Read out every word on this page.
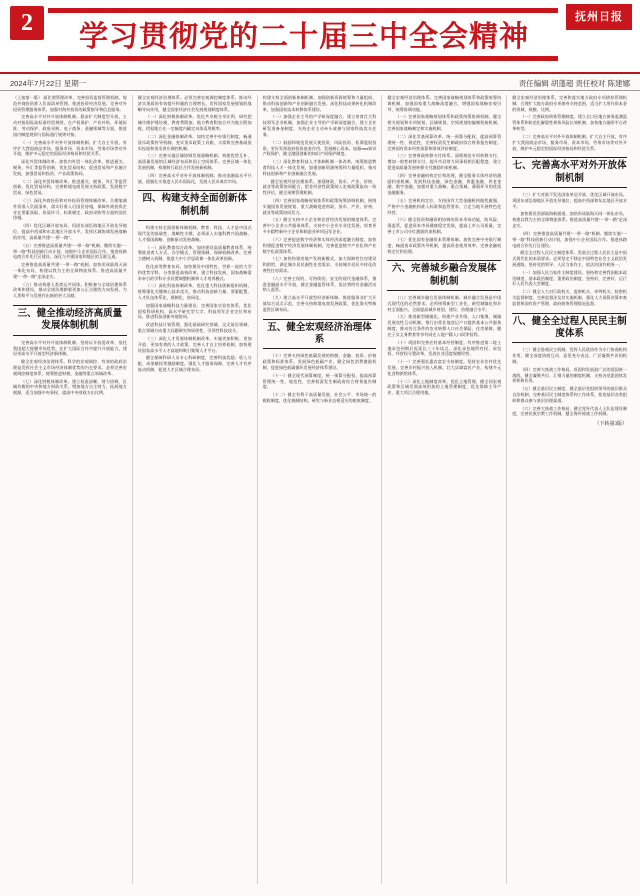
2	学习贯彻党的二十届三中全会精神
抚州日报
2024年7月22日 星期一	责任编辑 胡蓬超 责任校对 陈建娜

（上接第一版） 面比照管理改革，完善投资监督管理机制，规范外商投资准入负面清单管理。推进投资经济发展。完善对外投资管理服务体系，加强对海外投资的政策指导和信息服务。

完善高水平对外开放体制机制。稳步扩大制度型开放，主动对接国际高标准经贸规则，在产权保护、产业补贴、环境标准、劳动保护、政府采购、电子商务、金融领域等方面，推进国内制度规则与国际通行规则对接。

（一）完善高水平对外开放体制机制。扩大自主开放，有序扩大我国商品市场、服务市场、资本市场、劳务市场等对外开放，维护多元稳定的国际经济格局和经贸关系。

深化外贸体制改革。加快内外贸一体化改革，推进通关、税务、外汇等监管创新，优化贸易结构，促进贸易和产业融合发展，加强贸易和投资、产业政策协同。

（二）深化外贸体制改革。推进通关、税务、外汇等监管创新，优化贸易结构，完善跨境电商发展支持政策，发展数字贸易、绿色贸易。

（三）深化外商投资和对外投资管理体制改革。合理缩减外资准入负面清单，落实好准入后国民待遇，保障外商投资企业在要素获取、资质许可、标准制定、政府采购等方面的国民待遇。

（四）优化区域开放布局。巩固东部沿海地区开放先导地位，提高中西部和东北地区开放水平。发挥区域协调发展战略的作用，高质量共建“一带一路”。

（五）完善推进高质量共建“一带一路”机制。继续实施“一带一路”科技创新行动计划，加强中小企业国际合作。推进丝路电商合作先行区建设，深化与共建国家和地区的互联互通。

完善推进高质量共建“一带一路”机制，加快形成陆海天网一体化布局，构建以我为主的全球物流体系。推进高质量共建“一带一路”走深走实。

（六）推动构建人类命运共同体。积极参与全球治理体系改革和建设，推动全球治理朝着更加公正合理的方向发展，为人类和平与发展作出新的更大贡献。

三、健全推动经济高质量发展体制机制

完善高水平对外开放体制机制。坚持以开放促改革，依托我国超大规模市场优势，在扩大国际合作中提升开放能力，建设更高水平开放型经济新体制。

健全宏观经济治理体系。科学的宏观调控、有效的政府治理是发挥社会主义市场经济体制优势的内在要求。必须完善宏观调控制度体系，统筹推进财税、金融等重点领域改革。

（七）深化财税体制改革。建立权责清晰、财力协调、区域均衡的中央和地方财政关系，增加地方自主财力，拓展地方税源，适当加强中央事权、提高中央财政支出比例。

健全宏观经济治理体系。必须完善宏观调控制度体系，推动经济实现质的有效提升和量的合理增长。发挥国家发展规划的战略导向作用，健全国家经济社会发展规划制度体系。

（一）深化财税体制改革。优化共享税分享比例，研究把城市维护建设税、教育费附加、地方教育附加合并为地方附加税，授权地方在一定幅度内确定具体适用税率。

（二）深化金融体制改革。加快完善中央银行制度，畅通货币政策传导机制。充实货币政策工具箱，丰富和完善基础货币投放和货币供应调控机制。

（三）完善实施区域协调发展战略机制。构建优势互补、高质量发展的区域经济布局和国土空间体系。完善区域一体化发展机制，构建跨行政区合作发展新机制。

（四）完善高水平对外开放体制机制。推动金融高水平开放，稳慎扎实推进人民币国际化，发展人民币离岸市场。

四、构建支持全面创新体制机制

构建支持全面创新体制机制。教育、科技、人才是中国式现代化的基础性、战略性支撑。必须深入实施科教兴国战略、人才强国战略、创新驱动发展战略。

（一）深化教育综合改革。加快建设高质量教育体系，统筹推进育人方式、办学模式、管理体制、保障机制改革。完善立德树人机制，推进大中小学思政课一体化改革创新。

优化高等教育布局，加快建设中国特色、世界一流的大学和优势学科。分类推进高校改革，建立科技发展、国家战略需求牵引的学科专业设置调整机制和人才培养模式。

（二）深化科技体制改革。优化重大科技创新组织机制，统筹强化关键核心技术攻关，推动科技创新力量、要素配置、人才队伍体系化、建制化、协同化。

加强国家战略科技力量建设，完善国家实验室体系，优化国家科研机构、高水平研究型大学、科技领军企业定位和布局，推进科技创新央地协同。

改进科技计划管理，强化基础研究领域、交叉前沿领域、重点领域方向重大问题研究和原创性、引领性科技攻关。

（三）深化人才发展体制机制改革。实施更加积极、更加开放、更加有效的人才政策，完善人才自主培养机制，加快建设国家高水平人才高地和吸引集聚人才平台。

健全保障科研人员专心科研制度，完善科技奖励、收入分配、成果赋权等激励制度。强化人才服务保障，完善人才有序流动机制，促进人才区域合理布局。

构建支持全面创新体制机制。加强创新资源统筹和力量组织，推动科技创新和产业创新融合发展。深化科技成果转化机制改革，加强国家技术转移体系建设。

（一）加强企业主导的产学研深度融合。建立培育壮大科技领军企业机制，加强企业主导的产学研深度融合，建立企业研发准备金制度，支持企业主动牵头或参与国家科技攻关任务。

（二）鼓励和规范发展天使投资、风险投资、私募股权投资，更好发挥政府投资基金作用，发展耐心资本。加强erna知识产权保护，健全激励创新的知识产权保护制度。

（三）深化教育科技人才体制机制一体改革，统筹推进教育科技人才一体化发展，加强创新资源统筹和力量组织，推动科技创新和产业创新融合发展。

健全宏观经济治理体系。加强财政、货币、产业、价格、就业等政策协同配合，把非经济性政策纳入宏观政策取向一致性评估，健全预期管理机制。

（四）完善国家战略规划体系和政策统筹协调机制，围绕实施国家发展规划、重大战略促进财政、货币、产业、价格、就业等政策协同发力。

（五）健全支持中小企业和民营经济发展的制度体系。完善中小企业公共服务体系，支持中小企业专业化发展，培育更多专精特新中小企业和制造业单项冠军企业。

（六）完善促进数字经济和实体经济深度融合制度。加快构建促进数字经济发展体制机制，完善促进数字产业化和产业数字化政策体系。

（七）加快构建房地产发展新模式。加大保障性住房建设和供给，满足城乡居民刚性住房需求。支持城乡居民多样化改善性住房需求。

（八）完善主权的、可持续的、安全的现代金融体系，推进金融高水平开放，健全金融监管体系，依法将所有金融活动纳入监管。

（九）建立高水平开放型经济新体制。推进服务业扩大开放综合试点示范，完善支持跨境电商发展政策，优化海关特殊监管区域布局。

五、健全宏观经济治理体系

（十）完善支持绿色低碳发展的财税、金融、投资、价格政策和标准体系，发展绿色低碳产业，健全绿色消费激励机制，促进绿色低碳循环发展经济体系建设。

（十一）健全现代预算制度，统一预算分配权，提高预算管理统一性、规范性，完善权责发生制政府综合财务报告制度。

（十二）健全有利于高质量发展、社会公平、市场统一的税收制度，优化税制结构。研究与新业态相适应的税收制度。

健全宏观经济治理体系。完善国家战略规划体系和政策统筹协调机制，加强国家重大战略深度融合，增强国家战略宏观引导、统筹协调功能。

（一）完善国家战略规划体系和政策统筹协调机制。健全相关规划和专项规划、区域规划、空间规划的编制衔接机制，完善国家战略制定和实施机制。

（二）深化零基预算改革。统一预算分配权，提高预算管理统一性、规范性，完善权责发生制政府综合财务报告制度。完善国有资本经营预算和绩效评价制度。

（三）完善财政转移支付体系。清理规范专项转移支付，增加一般性转移支付，提升市县财力同事权相匹配程度。建立促进高质量发展转移支付激励约束机制。

（四）完善金融机构定位和治理，健全服务实体经济的激励约束机制。发展科技金融、绿色金融、普惠金融、养老金融、数字金融，加强对重大战略、重点领域、薄弱环节的优质金融服务。

（五）完善机构定位，支持国有大型金融机构做优做强，严格中小金融机构准入标准和监管要求，立足当地开展特色化经营。

（六）健全投资和融资相协调的资本市场功能，防风险、强监管，促进资本市场健康稳定发展，提高上市公司质量，完善上市公司分红激励约束机制。

（七）优化国有金融资本管理体制。加快完善中央银行制度，畅通货币政策传导机制，提高资金使用效率。完善金融机构定位和治理。

六、完善城乡融合发展体制机制

（八）完善城乡融合发展体制机制。城乡融合发展是中国式现代化的必然要求。必须统筹新型工业化、新型城镇化和乡村全面振兴，全面提高城乡规划、建设、治理融合水平。

（九）推进新型城镇化。构建产业升级、人口集聚、城镇发展良性互动机制。推行由常住地登记户口提供基本公共服务制度，推动符合条件的农业转移人口社会保险、住房保障、随迁子女义务教育等享有同迁入地户籍人口同等权利。

（十）巩固和完善农村基本经营制度。有序推进第二轮土地承包到期后再延长三十年试点。深化承包地所有权、承包权、经营权分置改革，发展农业适度规模经营。

（十一）完善强农惠农富农支持制度。坚持农业农村优先发展，完善乡村振兴投入机制。壮大县域富民产业，构建多元化食物供给体系。

（十二）深化土地制度改革。优化土地管理，健全同宏观政策和区域发展高效衔接的土地管理制度，优先保障主导产业、重大项目合理用地。

健全宏观经济治理体系。完善和落实地方政府专项债券管理机制，合理扩大地方政府专项债券支持范围，适当扩大用作资本金的领域、规模、比例。

（一）完善政府债务管理制度。建立全口径地方债务监测监管体系和防范化解隐性债务风险长效机制，加快地方融资平台改革转型。

（二）完善高水平对外开放体制机制。扩大自主开放，有序扩大我国商品市场、服务市场、资本市场、劳务市场等对外开放，维护多元稳定的国际经济格局和经贸关系。

七、完善高水平对外开放体制机制

（三）扩大对最不发达国家单边开放。优化区域开放布局，巩固东部沿海地区开放先导地位，提高中西部和东北地区开放水平。

加快建设西部陆海新通道。加快形成陆海天网一体化布局，构建以我为主的全球物流体系。推进高质量共建“一带一路”走深走实。

（四）完善推进高质量共建“一带一路”机制。继续实施“一带一路”科技创新行动计划，加强中小企业国际合作。推进丝路电商合作先行区建设。

健全全过程人民民主制度体系。发展全过程人民民主是中国式现代化的本质要求。必须坚定不移走中国特色社会主义政治发展道路，坚持党的领导、人民当家作主、依法治国有机统一。

（一）加强人民当家作主制度建设。坚持和完善我国根本政治制度、基本政治制度、重要政治制度，坚持好、完善好、运行好人民代表大会制度。

（二）健全人大对行政机关、监察机关、审判机关、检察机关监督制度，完善监督法及其实施机制，强化人大预算决算审查监督和国有资产管理、政府债务管理情况监督。

八、健全全过程人民民主制度体系

（三）健全协商民主机制。发挥人民政协作为专门协商机构作用，健全深度协商互动、意见充分表达、广泛凝聚共识的机制。

（四）完善大统战工作格局。巩固和发展最广泛的爱国统一战线，健全凝聚共识、汇聚力量的制度机制，支持各党派团体发挥积极作用。

（五）健全基层民主制度。健全基层党组织领导的基层群众自治机制，完善基层民主制度体系和工作体系，拓宽基层各类组织和群众参与基层治理渠道。

（六）完善大统战工作格局，健全党外代表人士队伍建设制度，完善民族宗教工作机制，健全海外统战工作机制。

（下转第3版）
